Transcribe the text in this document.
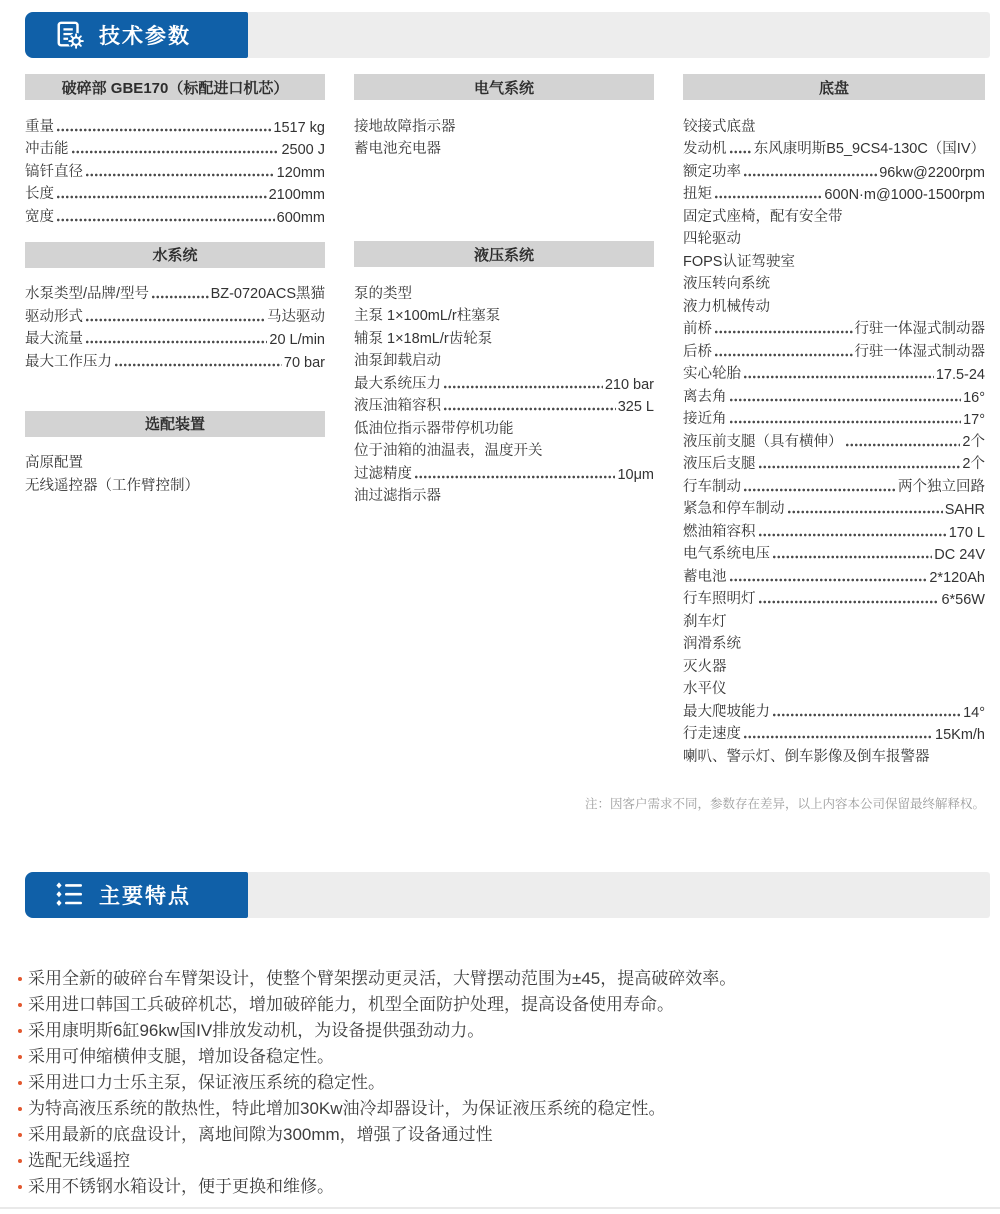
技术参数
破碎部 GBE170（标配进口机芯）
重量	1517 kg
冲击能	2500 J
镐钎直径	120mm
长度	2100mm
宽度	600mm
水系统
水泵类型/品牌/型号	BZ-0720ACS黑猫
驱动形式	马达驱动
最大流量	20 L/min
最大工作压力	70 bar
选配装置
高原配置
无线遥控器（工作臂控制）
电气系统
接地故障指示器
蓄电池充电器
液压系统
泵的类型
主泵 1×100mL/r柱塞泵
辅泵 1×18mL/r齿轮泵
油泵卸载启动
最大系统压力	210 bar
液压油箱容积	325 L
低油位指示器带停机功能
位于油箱的油温表，温度开关
过滤精度	10μm
油过滤指示器
底盘
铰接式底盘
发动机 东风康明斯B5_9CS4-130C（国IV）
额定功率	96kw@2200rpm
扭矩	600N·m@1000-1500rpm
固定式座椅，配有安全带
四轮驱动
FOPS认证驾驶室
液压转向系统
液力机械传动
前桥	行驻一体湿式制动器
后桥	行驻一体湿式制动器
实心轮胎	17.5-24
离去角	16°
接近角	17°
液压前支腿（具有横伸）	2个
液压后支腿	2个
行车制动	两个独立回路
紧急和停车制动	SAHR
燃油箱容积	170 L
电气系统电压	DC 24V
蓄电池	2*120Ah
行车照明灯	6*56W
刹车灯
润滑系统
灭火器
水平仪
最大爬坡能力	14°
行走速度	15Km/h
喇叭、警示灯、倒车影像及倒车报警器
注：因客户需求不同，参数存在差异，以上内容本公司保留最终解释权。
主要特点
采用全新的破碎台车臂架设计，使整个臂架摆动更灵活，大臂摆动范围为±45，提高破碎效率。
采用进口韩国工兵破碎机芯，增加破碎能力，机型全面防护处理，提高设备使用寿命。
采用康明斯6缸96kw国IV排放发动机，为设备提供强劲动力。
采用可伸缩横伸支腿，增加设备稳定性。
采用进口力士乐主泵，保证液压系统的稳定性。
为特高液压系统的散热性，特此增加30Kw油冷却器设计，为保证液压系统的稳定性。
采用最新的底盘设计，离地间隙为300mm，增强了设备通过性
选配无线遥控
采用不锈钢水箱设计，便于更换和维修。
